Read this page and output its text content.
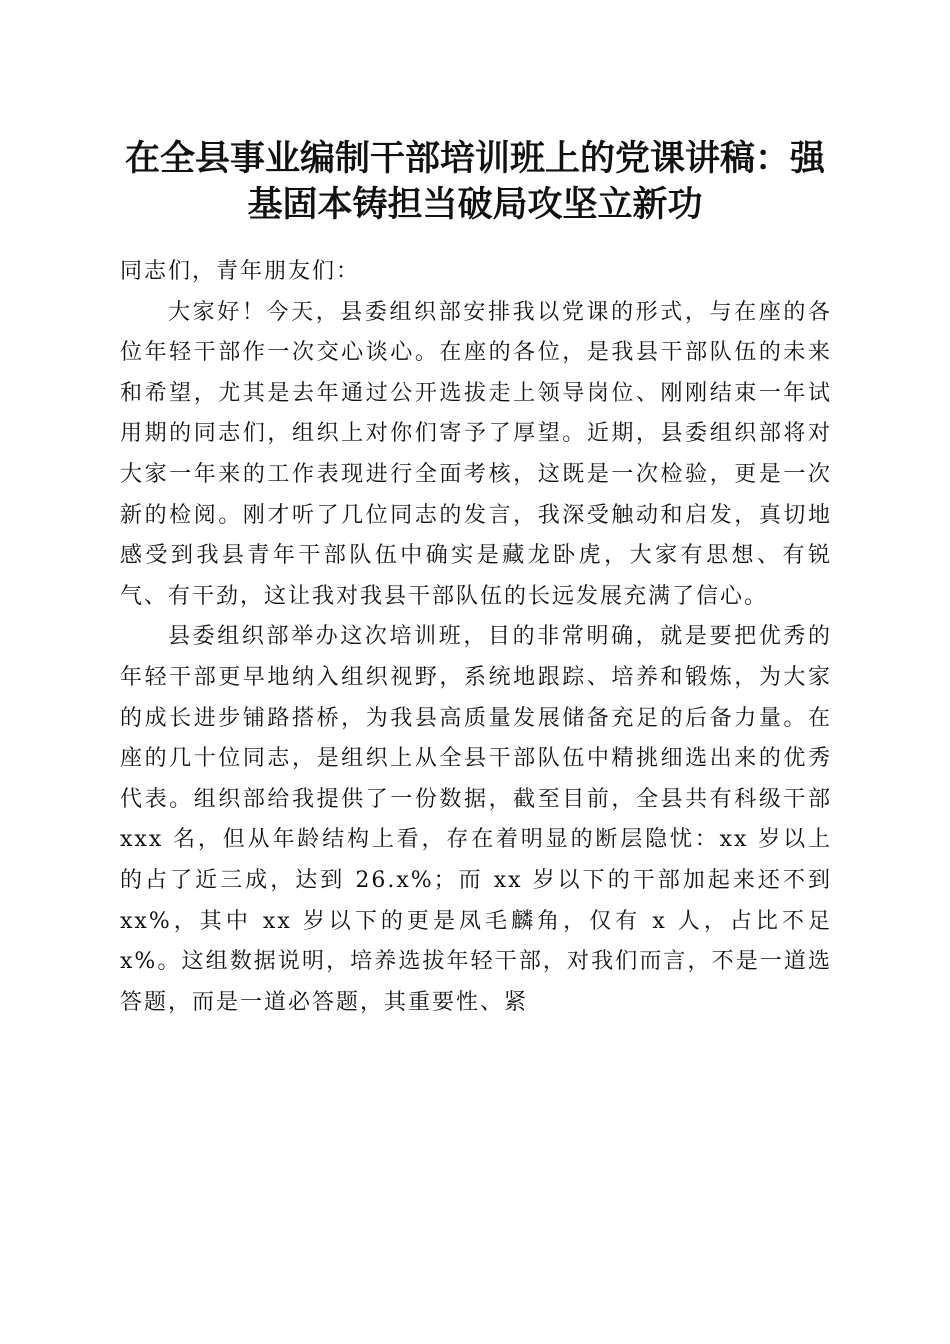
在全县事业编制干部培训班上的党课讲稿：强
基固本铸担当破局攻坚立新功

同志们，青年朋友们：

大家好！今天，县委组织部安排我以党课的形式，与在座的各位年轻干部作一次交心谈心。在座的各位，是我县干部队伍的未来和希望，尤其是去年通过公开选拔走上领导岗位、刚刚结束一年试用期的同志们，组织上对你们寄予了厚望。近期，县委组织部将对大家一年来的工作表现进行全面考核，这既是一次检验，更是一次新的检阅。刚才听了几位同志的发言，我深受触动和启发，真切地感受到我县青年干部队伍中确实是藏龙卧虎，大家有思想、有锐气、有干劲，这让我对我县干部队伍的长远发展充满了信心。

县委组织部举办这次培训班，目的非常明确，就是要把优秀的年轻干部更早地纳入组织视野，系统地跟踪、培养和锻炼，为大家的成长进步铺路搭桥，为我县高质量发展储备充足的后备力量。在座的几十位同志，是组织上从全县干部队伍中精挑细选出来的优秀代表。组织部给我提供了一份数据，截至目前，全县共有科级干部 xxx 名，但从年龄结构上看，存在着明显的断层隐忧：xx 岁以上的占了近三成，达到 26.x%；而 xx 岁以下的干部加起来还不到 xx%，其中 xx 岁以下的更是凤毛麟角，仅有 x 人，占比不足 x%。这组数据说明，培养选拔年轻干部，对我们而言，不是一道选答题，而是一道必答题，其重要性、紧
